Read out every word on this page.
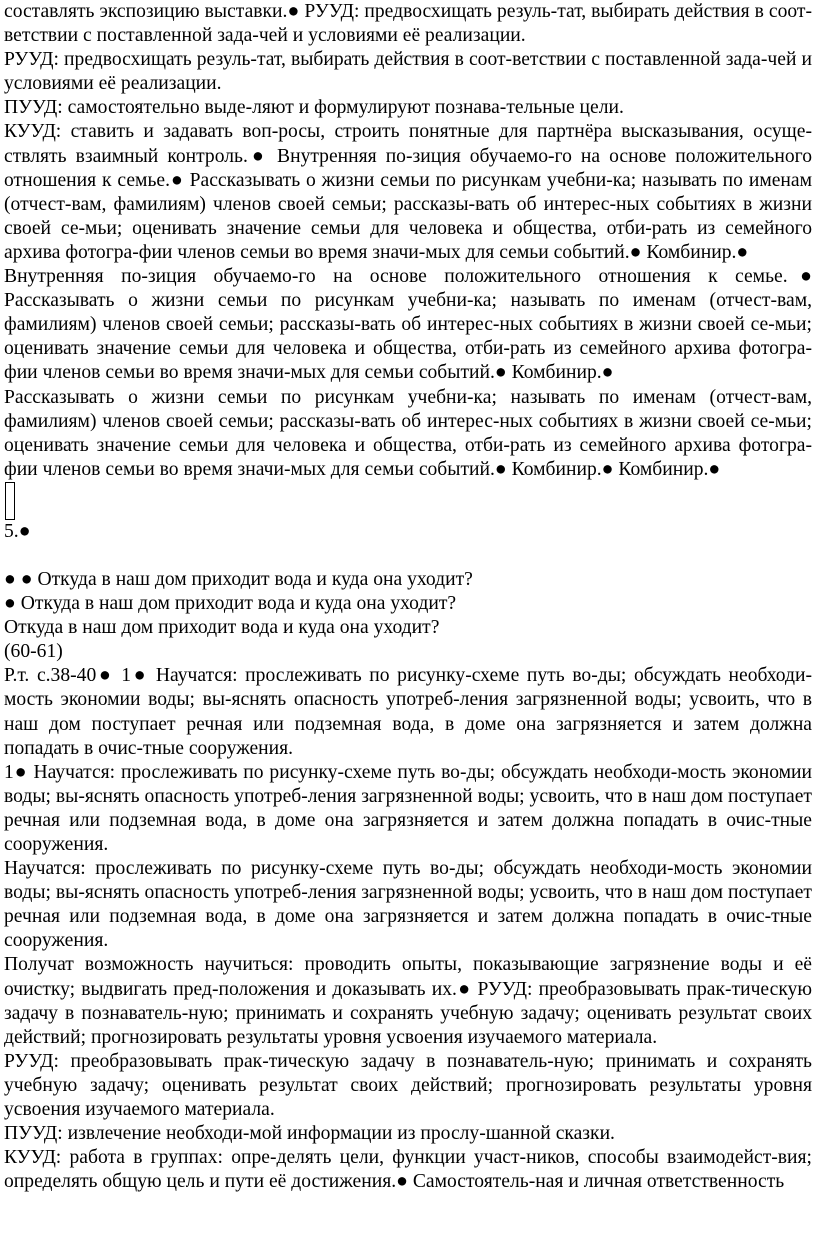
составлять экспозицию выставки.● РУУД: предвосхищать резуль-тат, выбирать действия в соот-ветствии с поставленной зада-чей и условиями её реализации.

РУУД: предвосхищать резуль-тат, выбирать действия в соот-ветствии с поставленной зада-чей и условиями её реализации.

ПУУД: самостоятельно выде-ляют и формулируют познава-тельные цели.

КУУД: ставить и задавать воп-росы, строить понятные для партнёра высказывания, осуще-ствлять взаимный контроль.● Внутренняя по-зиция обучаемо-го на основе положительного отношения к семье.● Рассказывать о жизни семьи по рисункам учебни-ка; называть по именам (отчест-вам, фамилиям) членов своей семьи; рассказы-вать об интерес-ных событиях в жизни своей се-мьи; оценивать значение семьи для человека и общества, отби-рать из семейного архива фотогра-фии членов семьи во время значи-мых для семьи событий.● Комбинир.●

Внутренняя по-зиция обучаемо-го на основе положительного отношения к семье.● Рассказывать о жизни семьи по рисункам учебни-ка; называть по именам (отчест-вам, фамилиям) членов своей семьи; рассказы-вать об интерес-ных событиях в жизни своей се-мьи; оценивать значение семьи для человека и общества, отби-рать из семейного архива фотогра-фии членов семьи во время значи-мых для семьи событий.● Комбинир.●

Рассказывать о жизни семьи по рисункам учебни-ка; называть по именам (отчест-вам, фамилиям) членов своей семьи; рассказы-вать об интерес-ных событиях в жизни своей се-мьи; оценивать значение семьи для человека и общества, отби-рать из семейного архива фотогра-фии членов семьи во время значи-мых для семьи событий.● Комбинир.● Комбинир.●

5.●

● ● Откуда в наш дом приходит вода и куда она уходит?

● Откуда в наш дом приходит вода и куда она уходит?

Откуда в наш дом приходит вода и куда она уходит?

(60-61)

Р.т. с.38-40● 1● Научатся: прослеживать по рисунку-схеме путь во-ды; обсуждать необходи-мость экономии воды; вы-яснять опасность употреб-ления загрязненной воды; усвоить, что в наш дом поступает речная или подземная вода, в доме она загрязняется и затем должна попадать в очис-тные сооружения.

1● Научатся: прослеживать по рисунку-схеме путь во-ды; обсуждать необходи-мость экономии воды; вы-яснять опасность употреб-ления загрязненной воды; усвоить, что в наш дом поступает речная или подземная вода, в доме она загрязняется и затем должна попадать в очис-тные сооружения.

Научатся: прослеживать по рисунку-схеме путь во-ды; обсуждать необходи-мость экономии воды; вы-яснять опасность употреб-ления загрязненной воды; усвоить, что в наш дом поступает речная или подземная вода, в доме она загрязняется и затем должна попадать в очис-тные сооружения.

Получат возможность научиться: проводить опыты, показывающие загрязнение воды и её очистку; выдвигать пред-положения и доказывать их.● РУУД: преобразовывать прак-тическую задачу в познаватель-ную; принимать и сохранять учебную задачу; оценивать результат своих действий; прогнозировать результаты уровня усвоения изучаемого материала.

РУУД: преобразовывать прак-тическую задачу в познаватель-ную; принимать и сохранять учебную задачу; оценивать результат своих действий; прогнозировать результаты уровня усвоения изучаемого материала.

ПУУД: извлечение необходи-мой информации из прослу-шанной сказки.

КУУД: работа в группах: опре-делять цели, функции участ-ников, способы взаимодейст-вия; определять общую цель и пути её достижения.● Самостоятель-ная и личная ответственность
